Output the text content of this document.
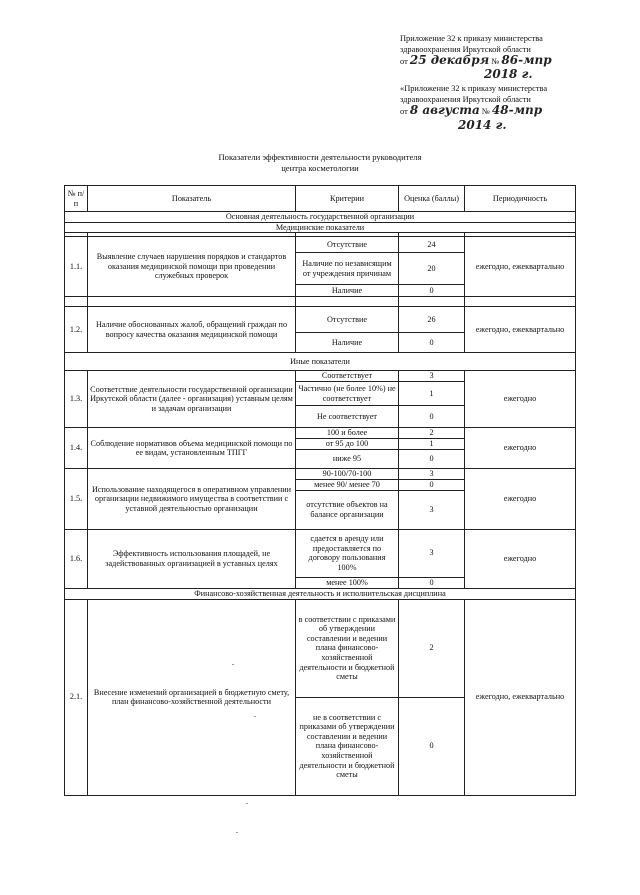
Приложение 32 к приказу министерства
здравоохранения Иркутской области
от 25 декабря № 86-мпр
2018 г.
«Приложение 32 к приказу министерства
здравоохранения Иркутской области
от 8 августа № 48-мпр
2014 г.
Показатели эффективности деятельности руководителя
центра косметологии
№ п/п	Показатель	Критерии	Оценка (баллы)	Периодичность
Основная деятельность государственной организации				
Медицинские показатели				

1.1.	Выявление случаев нарушения порядков и стандартов оказания медицинской помощи при проведении служебных проверок	Отсутствие	24	ежегодно, ежеквартально
		Наличие по независящим от учреждения причинам	20	
		Наличие	0	

1.2.	Наличие обоснованных жалоб, обращений граждан по вопросу качества оказания медицинской помощи	Отсутствие	26	ежегодно, ежеквартально
		Наличие	0	
Иные показатели				
1.3.	Соответствие деятельности государственной организации Иркутской области (далее - организация) уставным целям и задачам организации	Соответствует	3	ежегодно
		Частично (не более 10%) не соответствует	1	
		Не соответствует	0	
1.4.	Соблюдение нормативов объема медицинской помощи по ее видам, установленным ТПГГ	100 и более	2	ежегодно
		от 95 до 100	1	
		ниже 95	0	
1.5.	Использование находящегося в оперативном управлении организации недвижимого имущества в соответствии с уставной деятельностью организации	90-100/70-100	3	ежегодно
		менее 90/ менее 70	0	
		отсутствие объектов на балансе организации	3	
1.6.	Эффективность использования площадей, не задействованных организацией в уставных целях	сдается в аренду или предоставляется по договору пользования 100%	3	ежегодно
		менее 100%	0	
Финансово-хозяйственная деятельность и исполнительская дисциплина				
2.1.	Внесение изменений организацией в бюджетную смету, план финансово-хозяйственной деятельности	в соответствии с приказами об утверждении составлении и ведении плана финансово-хозяйственной деятельности и бюджетной сметы	2	ежегодно, ежеквартально
		не в соответствии с приказами об утверждении составлении и ведении плана финансово-хозяйственной деятельности и бюджетной сметы	0	
